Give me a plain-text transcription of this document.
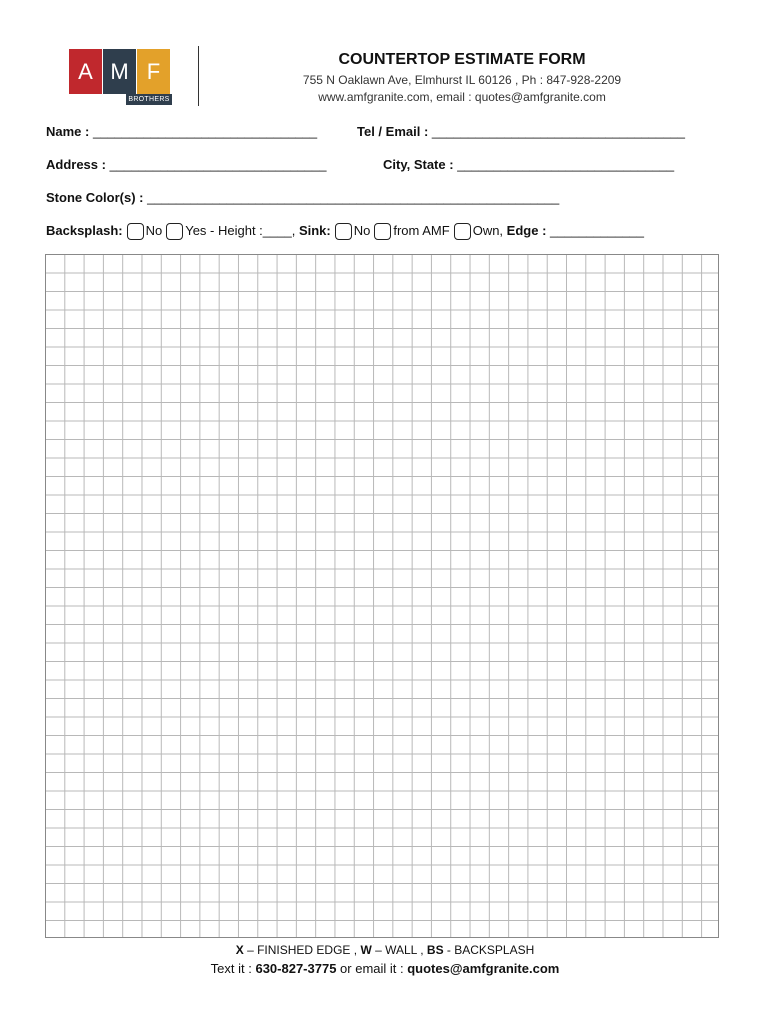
A M F
BROTHERS
COUNTERTOP ESTIMATE FORM
755 N Oaklawn Ave, Elmhurst IL 60126 , Ph : 847-928-2209
www.amfgranite.com, email : quotes@amfgranite.com
Name : _______________________________	Tel / Email : ___________________________________
Address : ______________________________	City, State : ______________________________
Stone Color(s) : _________________________________________________________
Backsplash: No Yes - Height :____, Sink: No from AMF Own, Edge : _____________
X – FINISHED EDGE , W – WALL , BS - BACKSPLASH
Text it : 630-827-3775 or email it : quotes@amfgranite.com
